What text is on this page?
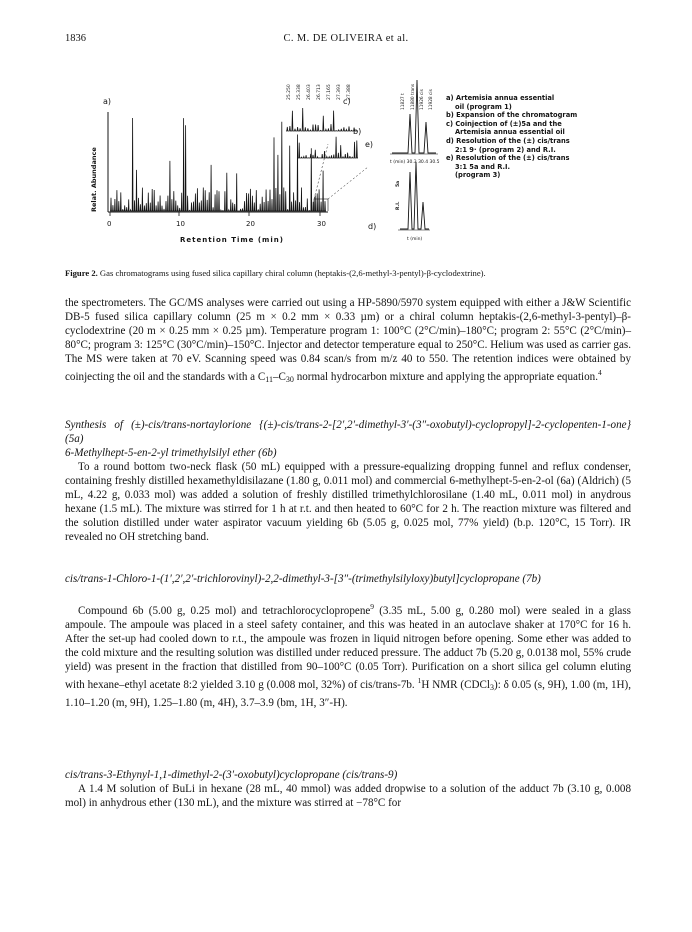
1836	C. M. DE OLIVEIRA et al.
a)	c)
b)
e)
d)
Relat. Abundance
Retention Time (min)
0	10	20	30
25.250 25.338 26.403 26.713 27.165 27.393 27.388
t (min) 30.3 30.4 30.5
11827 t 11880 trans 11926 cis 11928 cis
t (min)
5a
R.I.
a) Artemisia annua essential
oil (program 1)
b) Expansion of the chromatogram
c) Coinjection of (±)5a and the
Artemisia annua essential oil
d) Resolution of the (±) cis/trans
2:1 9· (program 2) and R.I.
e) Resolution of the (±) cis/trans
3:1 5a and R.I.
(program 3)
Figure 2. Gas chromatograms using fused silica capillary chiral column (heptakis-(2,6-methyl-3-pentyl)-β-cyclodextrine).

the spectrometers. The GC/MS analyses were carried out using a HP-5890/5970 system equipped with either a J&W Scientific DB-5 fused silica capillary column (25 m × 0.2 mm × 0.33 µm) or a chiral column heptakis-(2,6-methyl-3-pentyl)–β-cyclodextrine (20 m × 0.25 mm × 0.25 µm). Temperature program 1: 100°C (2°C/min)–180°C; program 2: 55°C (2°C/min)–80°C; program 3: 125°C (30°C/min)–150°C. Injector and detector temperature equal to 250°C. Helium was used as carrier gas. The MS were taken at 70 eV. Scanning speed was 0.84 scan/s from m/z 40 to 550. The retention indices were obtained by coinjecting the oil and the standards with a $C_{11}-C_{30}$ normal hydrocarbon mixture and applying the appropriate equation.$^4$

Synthesis of (±)-cis/trans-nortaylorione {(±)-cis/trans-2-[2′,2′-dimethyl-3′-(3″-oxobutyl)-cyclopropyl]-2-cyclopenten-1-one} (5a)
6-Methylhept-5-en-2-yl trimethylsilyl ether (6b)

To a round bottom two-neck flask (50 mL) equipped with a pressure-equalizing dropping funnel and reflux condenser, containing freshly distilled hexamethyldisilazane (1.80 g, 0.011 mol) and commercial 6-methylhept-5-en-2-ol (6a) (Aldrich) (5 mL, 4.22 g, 0.033 mol) was added a solution of freshly distilled trimethylchlorosilane (1.40 mL, 0.011 mol) in anydrous hexane (1.5 mL). The mixture was stirred for 1 h at r.t. and then heated to 60°C for 2 h. The reaction mixture was filtered and the solution distilled under water aspirator vacuum yielding 6b (5.05 g, 0.025 mol, 77% yield) (b.p. 120°C, 15 Torr). IR revealed no OH stretching band.

cis/trans-1-Chloro-1-(1′,2′,2′-trichlorovinyl)-2,2-dimethyl-3-[3″-(trimethylsilyloxy)butyl]cyclopropane (7b)

Compound 6b (5.00 g, 0.25 mol) and tetrachlorocyclopropene$^9$ (3.35 mL, 5.00 g, 0.280 mol) were sealed in a glass ampoule. The ampoule was placed in a steel safety container, and this was heated in an autoclave shaker at 170°C for 16 h. After the set-up had cooled down to r.t., the ampoule was frozen in liquid nitrogen before opening. Some ether was added to the cold mixture and the resulting solution was distilled under reduced pressure. The adduct 7b (5.20 g, 0.0138 mol, 55% crude yield) was present in the fraction that distilled from 90–100°C (0.05 Torr). Purification on a short silica gel column eluting with hexane–ethyl acetate 8:2 yielded 3.10 g (0.008 mol, 32%) of cis/trans-7b. $^1$H NMR (CDCl$_3$): δ 0.05 (s, 9H), 1.00 (m, 1H), 1.10–1.20 (m, 9H), 1.25–1.80 (m, 4H), 3.7–3.9 (bm, 1H, 3″-H).

cis/trans-3-Ethynyl-1,1-dimethyl-2-(3′-oxobutyl)cyclopropane (cis/trans-9)

A 1.4 M solution of BuLi in hexane (28 mL, 40 mmol) was added dropwise to a solution of the adduct 7b (3.10 g, 0.008 mol) in anhydrous ether (130 mL), and the mixture was stirred at −78°C for
